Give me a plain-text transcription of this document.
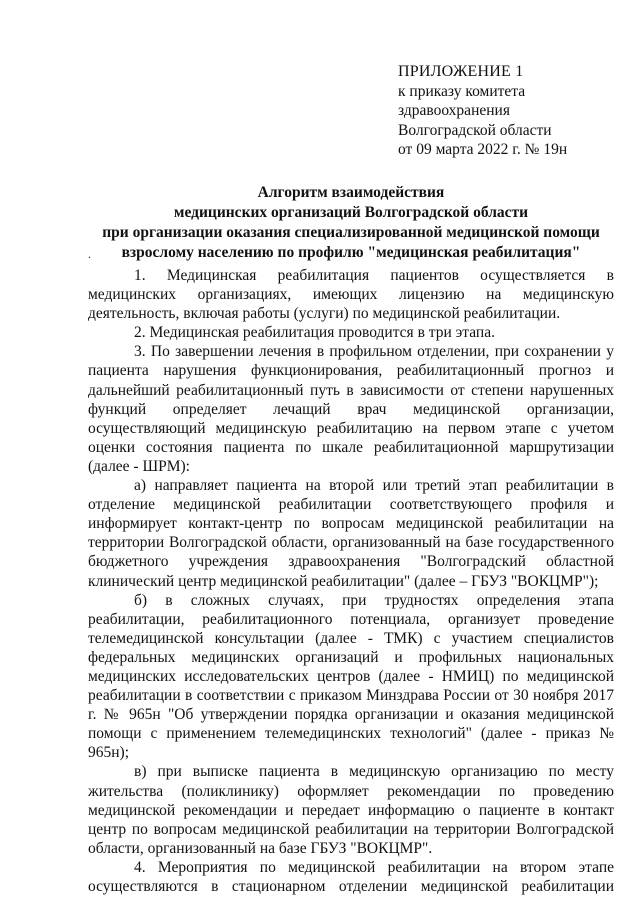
ПРИЛОЖЕНИЕ 1
к приказу комитета
здравоохранения
Волгоградской области
от 09 марта 2022 г. № 19н
Алгоритм взаимодействия
медицинских организаций Волгоградской области
при организации оказания специализированной медицинской помощи
взрослому населению по профилю "медицинская реабилитация"
.

1. Медицинская реабилитация пациентов осуществляется в медицинских организациях, имеющих лицензию на медицинскую деятельность, включая работы (услуги) по медицинской реабилитации.

2. Медицинская реабилитация проводится в три этапа.

3. По завершении лечения в профильном отделении, при сохранении у пациента нарушения функционирования, реабилитационный прогноз и дальнейший реабилитационный путь в зависимости от степени нарушенных функций определяет лечащий врач медицинской организации, осуществляющий медицинскую реабилитацию на первом этапе с учетом оценки состояния пациента по шкале реабилитационной маршрутизации (далее - ШРМ):

а) направляет пациента на второй или третий этап реабилитации в отделение медицинской реабилитации соответствующего профиля и информирует контакт-центр по вопросам медицинской реабилитации на территории Волгоградской области, организованный на базе государственного бюджетного учреждения здравоохранения "Волгоградский областной клинический центр медицинской реабилитации" (далее – ГБУЗ "ВОКЦМР");

б) в сложных случаях, при трудностях определения этапа реабилитации, реабилитационного потенциала, организует проведение телемедицинской консультации (далее - ТМК) с участием специалистов федеральных медицинских организаций и профильных национальных медицинских исследовательских центров (далее - НМИЦ) по медицинской реабилитации в соответствии с приказом Минздрава России от 30 ноября 2017 г. № 965н "Об утверждении порядка организации и оказания медицинской помощи с применением телемедицинских технологий" (далее - приказ № 965н);

в) при выписке пациента в медицинскую организацию по месту жительства (поликлинику) оформляет рекомендации по проведению медицинской рекомендации и передает информацию о пациенте в контакт центр по вопросам медицинской реабилитации на территории Волгоградской области, организованный на базе ГБУЗ "ВОКЦМР".

4. Мероприятия по медицинской реабилитации на втором этапе осуществляются в стационарном отделении медицинской реабилитации
